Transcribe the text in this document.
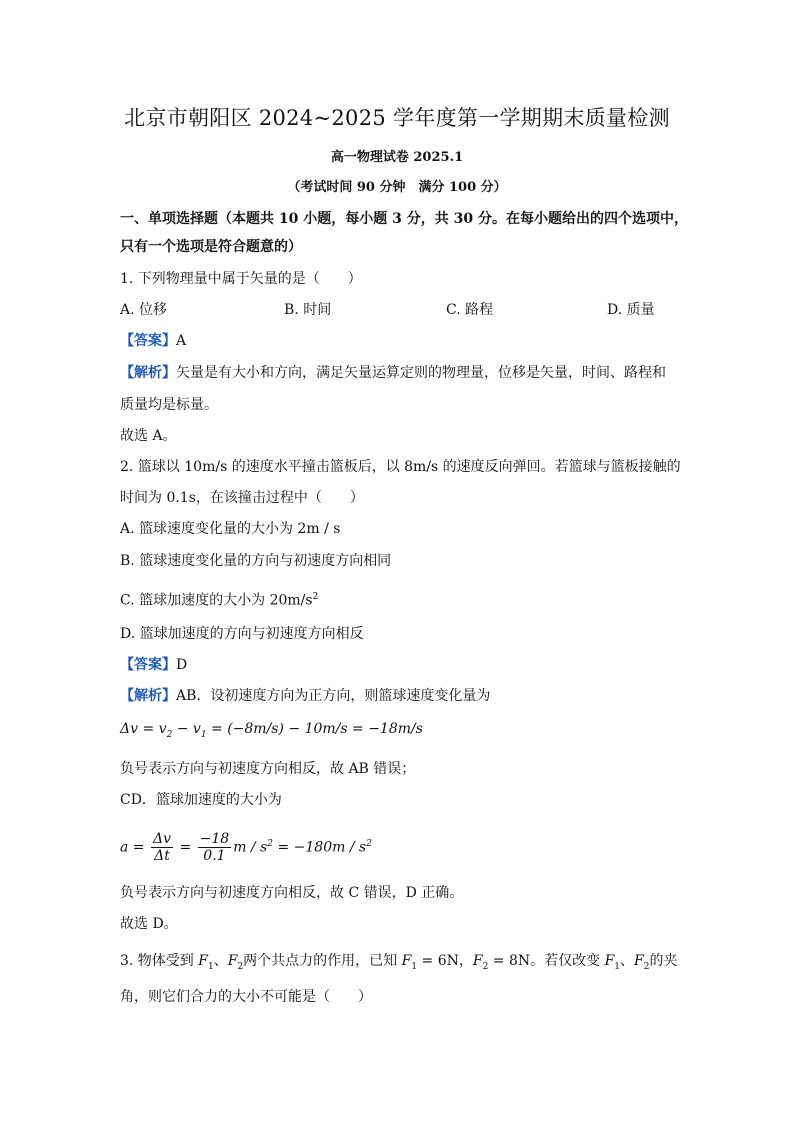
北京市朝阳区 2024~2025 学年度第一学期期末质量检测
高一物理试卷 2025.1
（考试时间 90 分钟　满分 100 分）
一、单项选择题（本题共 10 小题，每小题 3 分，共 30 分。在每小题给出的四个选项中，
只有一个选项是符合题意的）
1. 下列物理量中属于矢量的是（　　）
A. 位移	B. 时间	C. 路程	D. 质量
【答案】A
【解析】矢量是有大小和方向，满足矢量运算定则的物理量，位移是矢量，时间、路程和
质量均是标量。
故选 A。
2. 篮球以 10m/s 的速度水平撞击篮板后，以 8m/s 的速度反向弹回。若篮球与篮板接触的
时间为 0.1s，在该撞击过程中（　　）
A. 篮球速度变化量的大小为 2m / s
B. 篮球速度变化量的方向与初速度方向相同
C. 篮球加速度的大小为 $20m/s^2$
D. 篮球加速度的方向与初速度方向相反
【答案】D
【解析】AB．设初速度方向为正方向，则篮球速度变化量为
$\Delta v = v_2 - v_1 = (-8m/s) - 10m/s = -18m/s$
负号表示方向与初速度方向相反，故 AB 错误；
CD．篮球加速度的大小为
$a = \frac{\Delta v}{\Delta t} = \frac{-18}{0.1}$ $m / s^2 = -180m / s^2$
负号表示方向与初速度方向相反，故 C 错误，D 正确。
故选 D。
3. 物体受到 $F_1$、$F_2$两个共点力的作用，已知 $F_1 = 6N$，$F_2 = 8N$。若仅改变 $F_1$、$F_2$的夹
角，则它们合力的大小不可能是（　　）
